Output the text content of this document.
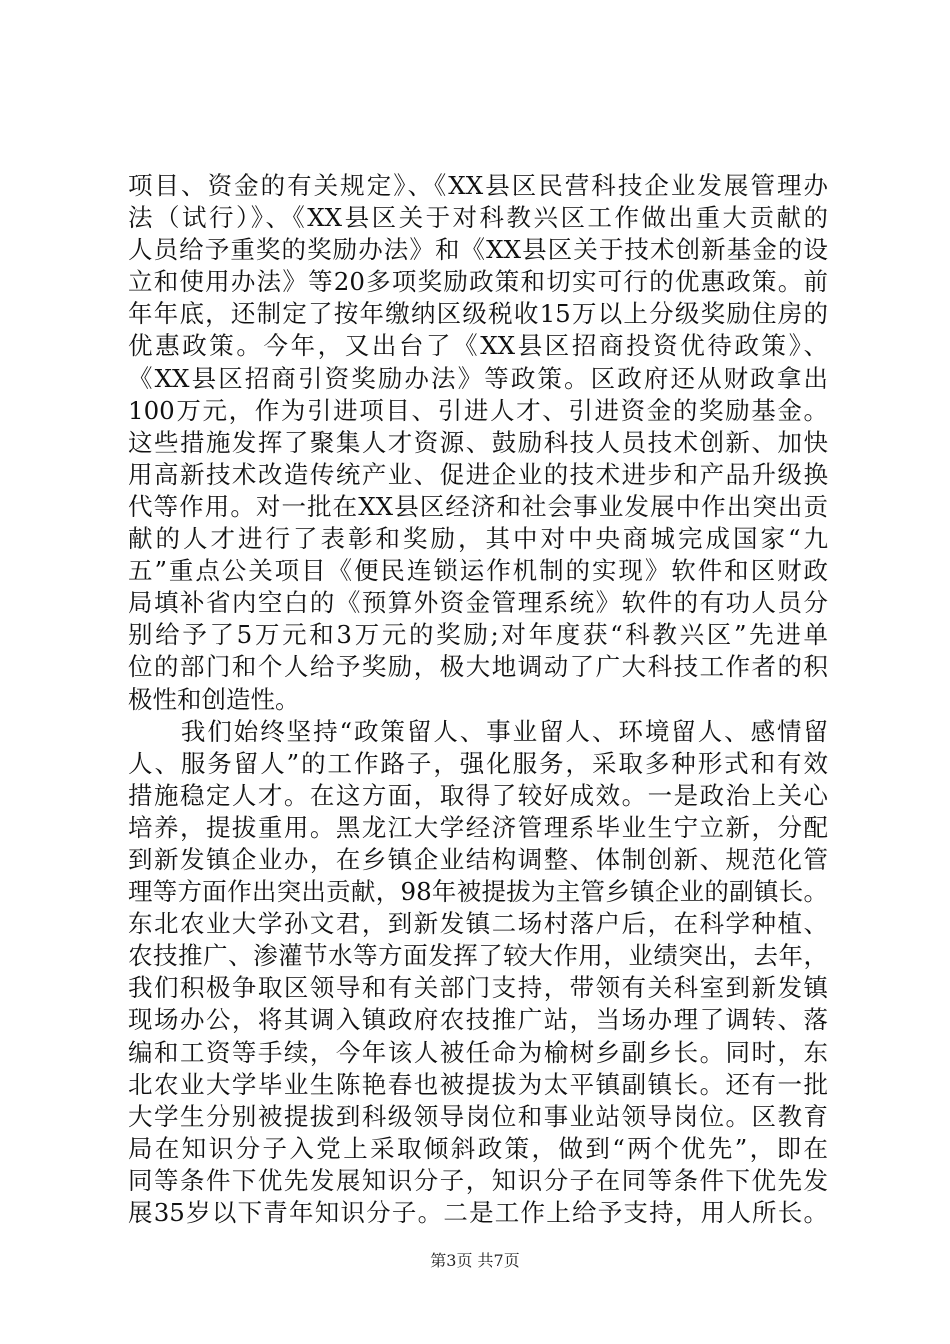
项目、资金的有关规定》、《XX县区民营科技企业发展管理办
法（试行）》、《XX县区关于对科教兴区工作做出重大贡献的
人员给予重奖的奖励办法》和《XX县区关于技术创新基金的设
立和使用办法》等20多项奖励政策和切实可行的优惠政策。前
年年底，还制定了按年缴纳区级税收15万以上分级奖励住房的
优惠政策。今年，又出台了《XX县区招商投资优待政策》、
《XX县区招商引资奖励办法》等政策。区政府还从财政拿出
100万元，作为引进项目、引进人才、引进资金的奖励基金。
这些措施发挥了聚集人才资源、鼓励科技人员技术创新、加快
用高新技术改造传统产业、促进企业的技术进步和产品升级换
代等作用。对一批在XX县区经济和社会事业发展中作出突出贡
献的人才进行了表彰和奖励，其中对中央商城完成国家“九
五”重点公关项目《便民连锁运作机制的实现》软件和区财政
局填补省内空白的《预算外资金管理系统》软件的有功人员分
别给予了5万元和3万元的奖励;对年度获“科教兴区”先进单
位的部门和个人给予奖励，极大地调动了广大科技工作者的积
极性和创造性。
　　我们始终坚持“政策留人、事业留人、环境留人、感情留
人、服务留人”的工作路子，强化服务，采取多种形式和有效
措施稳定人才。在这方面，取得了较好成效。一是政治上关心
培养，提拔重用。黑龙江大学经济管理系毕业生宁立新，分配
到新发镇企业办，在乡镇企业结构调整、体制创新、规范化管
理等方面作出突出贡献，98年被提拔为主管乡镇企业的副镇长。
东北农业大学孙文君，到新发镇二场村落户后，在科学种植、
农技推广、渗灌节水等方面发挥了较大作用，业绩突出，去年，
我们积极争取区领导和有关部门支持，带领有关科室到新发镇
现场办公，将其调入镇政府农技推广站，当场办理了调转、落
编和工资等手续，今年该人被任命为榆树乡副乡长。同时，东
北农业大学毕业生陈艳春也被提拔为太平镇副镇长。还有一批
大学生分别被提拔到科级领导岗位和事业站领导岗位。区教育
局在知识分子入党上采取倾斜政策，做到“两个优先”，即在
同等条件下优先发展知识分子，知识分子在同等条件下优先发
展35岁以下青年知识分子。二是工作上给予支持，用人所长。
第3页 共7页
